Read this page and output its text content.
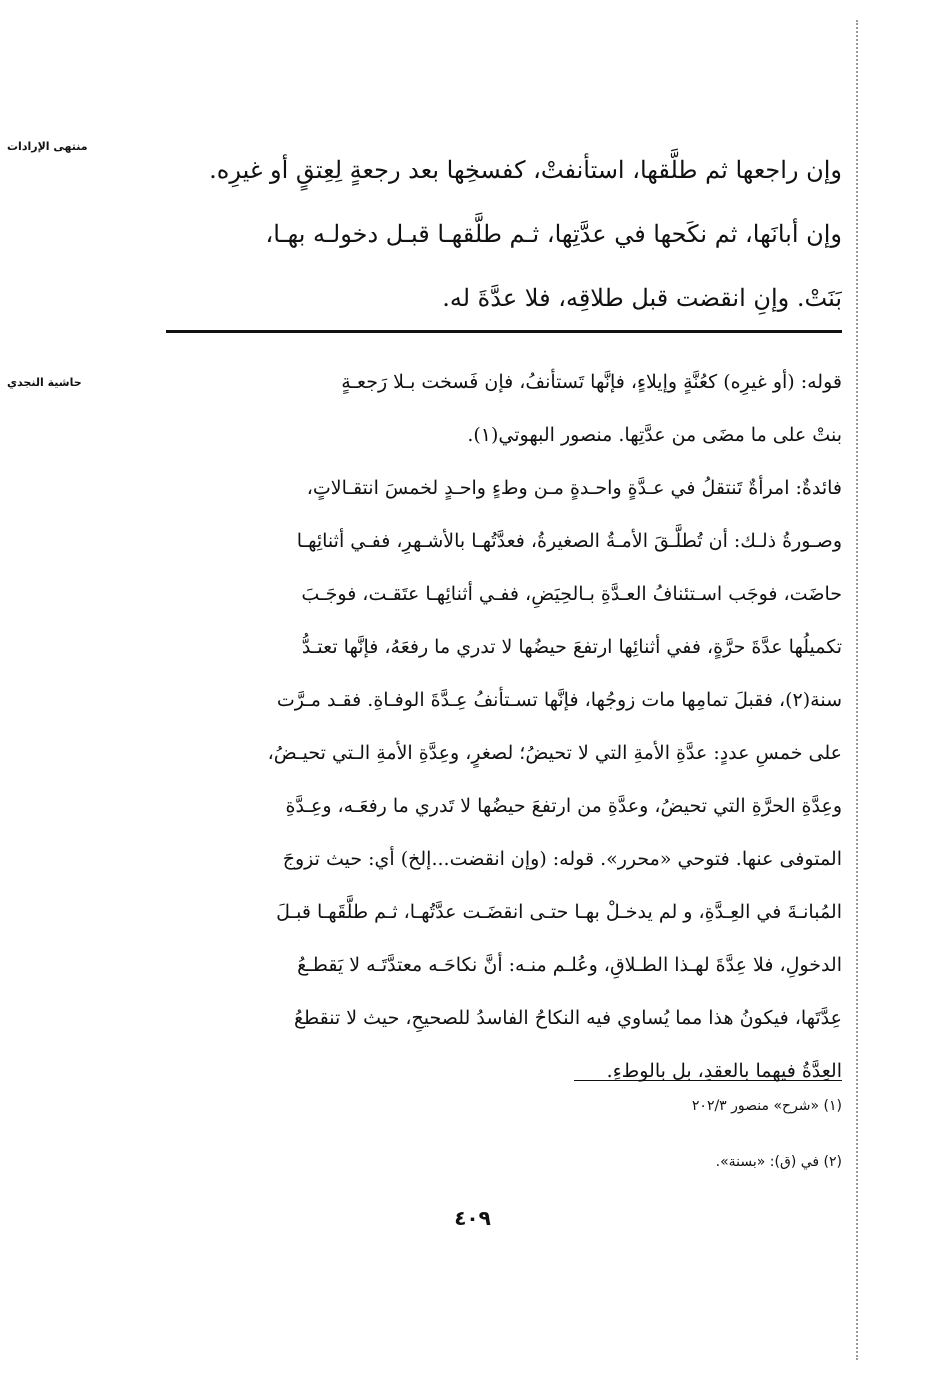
منتهى الإرادات
حاشية النجدي
وإن راجعها ثم طلَّقها، استأنفتْ، كفسخِها بعد رجعةٍ لِعِتقٍ أو غيرِه.
وإن أبانَها، ثم نكَحها في عدَّتِها، ثـم طلَّقهـا قبـل دخولـه بهـا،
بَنَتْ. وإنِ انقضت قبل طلاقِه، فلا عدَّةَ له.
قوله: (أو غيرِه) كعُنَّةٍ وإيلاءٍ، فإنَّها تَستأنفُ، فإن فَسخت بـلا رَجعـةٍ
بنتْ على ما مضَى من عدَّتِها. منصور البهوتي(١).
فائدةٌ: امرأةٌ تَنتقلُ في عـدَّةٍ واحـدةٍ مـن وطءٍ واحـدٍ لخمسَ انتقـالاتٍ،
وصـورةُ ذلـك: أن تُطلَّـقَ الأمـةُ الصغيرةُ، فعدَّتُهـا بالأشـهرِ، ففـي أثنائِهـا
حاضَت، فوجَب اسـتئنافُ العـدَّةِ بـالحِيَضِ، ففـي أثنائِهـا عتَقـت، فوجَـبَ
تكميلُها عدَّةَ حرَّةٍ، ففي أثنائِها ارتفعَ حيضُها لا تدري ما رفعَهُ، فإنَّها تعتـدُّ
سنة(٢)، فقبلَ تمامِها مات زوجُها، فإنَّها تسـتأنفُ عِـدَّةَ الوفـاةِ. فقـد مـرَّت
على خمسِ عددٍ: عدَّةِ الأمةِ التي لا تحيضُ؛ لصغرٍ، وعِدَّةِ الأمةِ الـتي تحيـضُ،
وعِدَّةِ الحرَّةِ التي تحيضُ، وعدَّةِ من ارتفعَ حيضُها لا تَدري ما رفعَـه، وعِـدَّةِ
المتوفى عنها. فتوحي «محرر». قوله: (وإن انقضت...إلخ) أي: حيث تزوجَ
المُبانـةَ في العِـدَّةِ، و لم يدخـلْ بهـا حتـى انقضَـت عدَّتُهـا، ثـم طلَّقَهـا قبـلَ
الدخولِ، فلا عِدَّةَ لهـذا الطـلاقِ، وعُلـم منـه: أنَّ نكاحَـه معتدَّتَـه لا يَقطـعُ
عِدَّتَها، فيكونُ هذا مما يُساوي فيه النكاحُ الفاسدُ للصحيحِ، حيث لا تنقطعُ
العِدَّةُ فيهما بالعقدِ، بل بالوطءِ.
(١) «شرح» منصور ٢٠٢/٣
(٢) في (ق): «بسنة».
٤٠٩
